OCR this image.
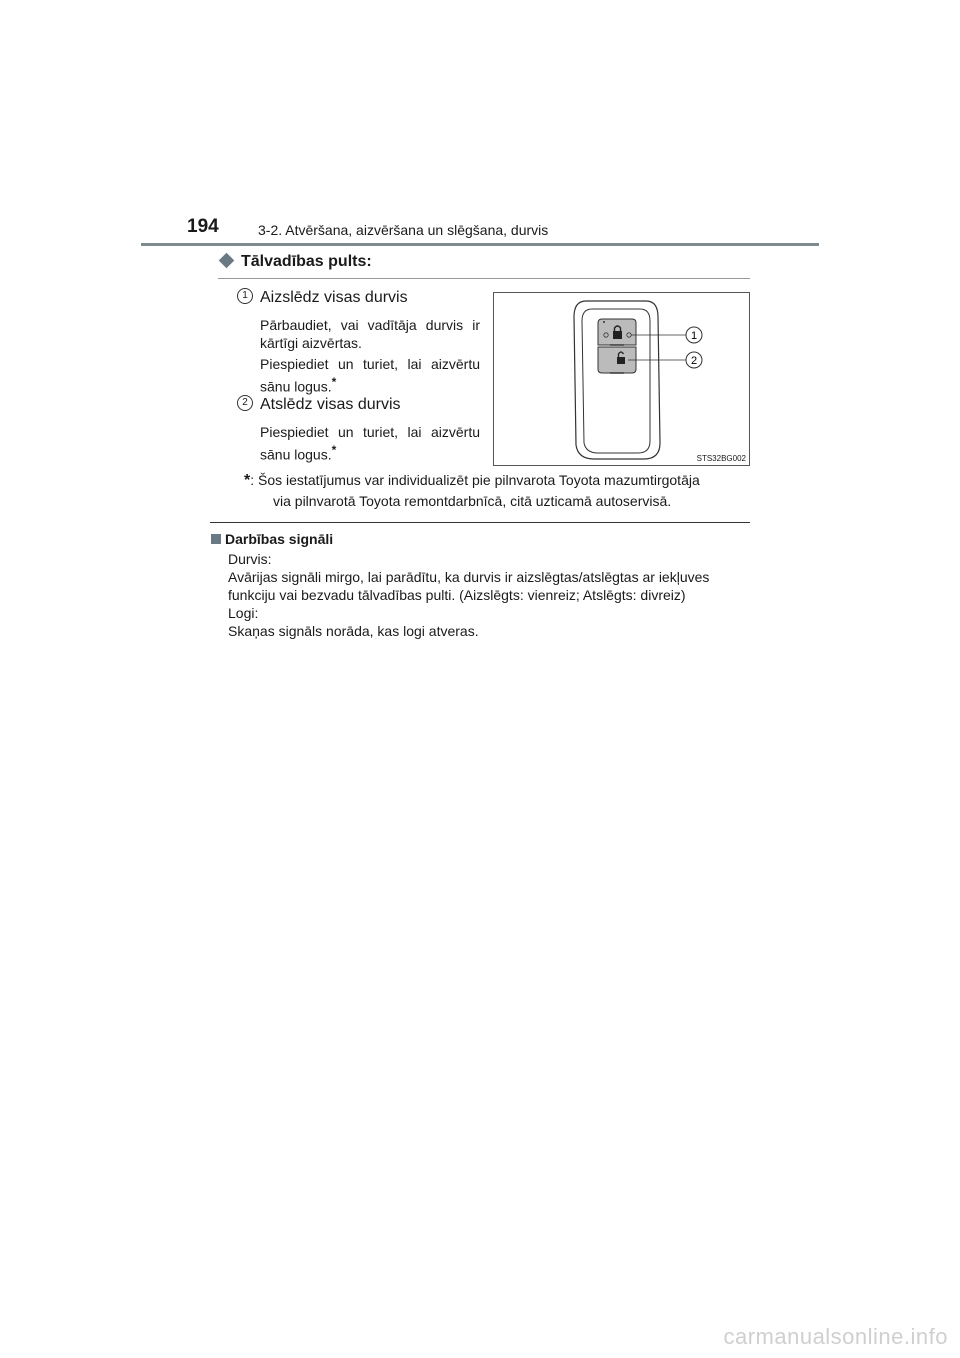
194	3-2. Atvēršana, aizvēršana un slēgšana, durvis
Tālvadības pults:
1 Aizslēdz visas durvis
Pārbaudiet, vai vadītāja durvis ir kārtīgi aizvērtas.
Piespiediet un turiet, lai aizvērtu sānu logus.*
2 Atslēdz visas durvis
Piespiediet un turiet, lai aizvērtu sānu logus.*
1
2
STS32BG002
*: Šos iestatījumus var individualizēt pie pilnvarota Toyota mazumtirgotāja
via pilnvarotā Toyota remontdarbnīcā, citā uzticamā autoservisā.
Darbības signāli
Durvis:
Avārijas signāli mirgo, lai parādītu, ka durvis ir aizslēgtas/atslēgtas ar iekļuves
funkciju vai bezvadu tālvadības pulti. (Aizslēgts: vienreiz; Atslēgts: divreiz)
Logi:
Skaņas signāls norāda, kas logi atveras.
carmanualsonline.info
